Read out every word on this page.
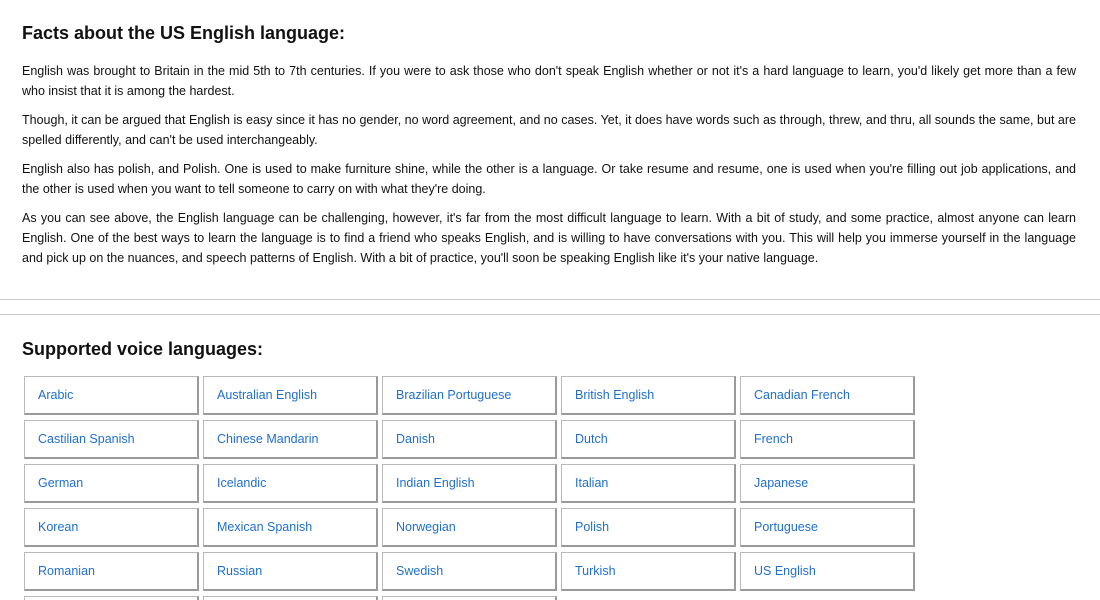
Facts about the US English language:

English was brought to Britain in the mid 5th to 7th centuries. If you were to ask those who don't speak English whether or not it's a hard language to learn, you'd likely get more than a few who insist that it is among the hardest.

Though, it can be argued that English is easy since it has no gender, no word agreement, and no cases. Yet, it does have words such as through, threw, and thru, all sounds the same, but are spelled differently, and can't be used interchangeably.

English also has polish, and Polish. One is used to make furniture shine, while the other is a language. Or take resume and resume, one is used when you're filling out job applications, and the other is used when you want to tell someone to carry on with what they're doing.

As you can see above, the English language can be challenging, however, it's far from the most difficult language to learn. With a bit of study, and some practice, almost anyone can learn English. One of the best ways to learn the language is to find a friend who speaks English, and is willing to have conversations with you. This will help you immerse yourself in the language and pick up on the nuances, and speech patterns of English. With a bit of practice, you'll soon be speaking English like it's your native language.

Supported voice languages:
Arabic	Australian English	Brazilian Portuguese	British English	Canadian French
Castilian Spanish	Chinese Mandarin	Danish	Dutch	French
German	Icelandic	Indian English	Italian	Japanese
Korean	Mexican Spanish	Norwegian	Polish	Portuguese
Romanian	Russian	Swedish	Turkish	US English
